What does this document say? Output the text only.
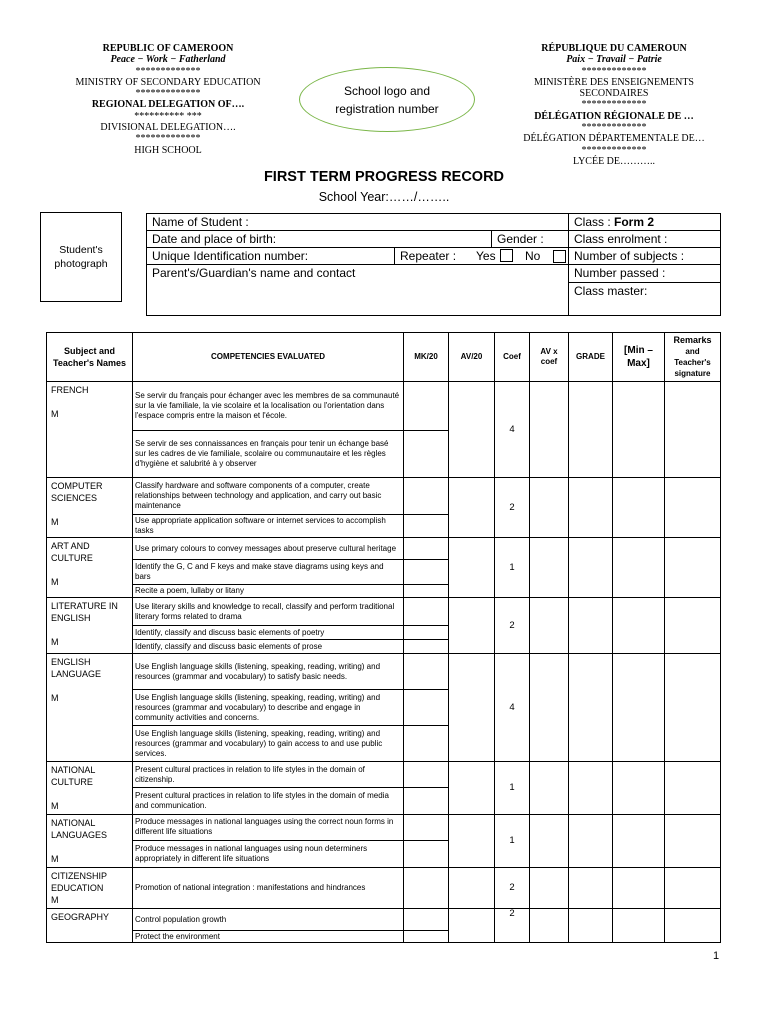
REPUBLIC OF CAMEROON
Peace − Work − Fatherland
*************
MINISTRY OF SECONDARY EDUCATION
*************
REGIONAL DELEGATION OF….
********** ***
DIVISIONAL DELEGATION….
*************
HIGH SCHOOL
RÉPUBLIQUE DU CAMEROUN
Paix − Travail − Patrie
*************
MINISTÈRE DES ENSEIGNEMENTS
SECONDAIRES
*************
DÉLÉGATION RÉGIONALE DE …
*************
DÉLÉGATION DÉPARTEMENTALE DE…
*************
LYCÉE DE………..
School logo and
registration number
FIRST TERM PROGRESS RECORD
School Year:……/……..
Student's
photograph
Name of Student :
Date and place of birth:	Gender :
Unique Identification number:	Repeater : Yes No
Parent's/Guardian's name and contact
Class : Form 2
Class enrolment :
Number of subjects :
Number passed :
Class master:
Subject and Teacher's Names	COMPETENCIES EVALUATED	MK/20	AV/20	Coef	AV x coef	GRADE	[Min – Max]	Remarks
and Teacher's signature

FRENCH
M	Se servir du français pour échanger avec les membres de sa communauté sur la vie familiale, la vie scolaire et la localisation ou l'orientation dans l'espace compris entre la maison et l'école.			4				
	Se servir de ses connaissances en français pour tenir un échange basé sur les cadres de vie familiale, scolaire ou communautaire et les règles d'hygiène et salubrité à y observer							

COMPUTER SCIENCES
M	Classify hardware and software components of a computer, create relationships between technology and application, and carry out basic maintenance			2				
	Use appropriate application software or internet services to accomplish tasks							

ART AND CULTURE
M	Use primary colours to convey messages about preserve cultural heritage			1				
	Identify the G, C and F keys and make stave diagrams using keys and bars							
	Recite a poem, lullaby or litany							

LITERATURE IN ENGLISH
M	Use literary skills and knowledge to recall, classify and perform traditional literary forms related to drama			2				
	Identify, classify and discuss basic elements of poetry							
	Identify, classify and discuss basic elements of prose							

ENGLISH LANGUAGE
M	Use English language skills (listening, speaking, reading, writing) and resources (grammar and vocabulary) to satisfy basic needs.			4				
	Use English language skills (listening, speaking, reading, writing) and resources (grammar and vocabulary) to describe and engage in community activities and concerns.							
	Use English language skills (listening, speaking, reading, writing) and resources (grammar and vocabulary) to gain access to and use public services.							

NATIONAL CULTURE
M	Present cultural practices in relation to life styles in the domain of citizenship.			1				
	Present cultural practices in relation to life styles in the domain of media and communication.							

NATIONAL LANGUAGES
M	Produce messages in national languages using the correct noun forms in different life situations			1				
	Produce messages in national languages using noun determiners appropriately in different life situations							

CITIZENSHIP EDUCATION
M	Promotion of national integration : manifestations and hindrances			2				

GEOGRAPHY	Control population growth			2				
	Protect the environment							
1
